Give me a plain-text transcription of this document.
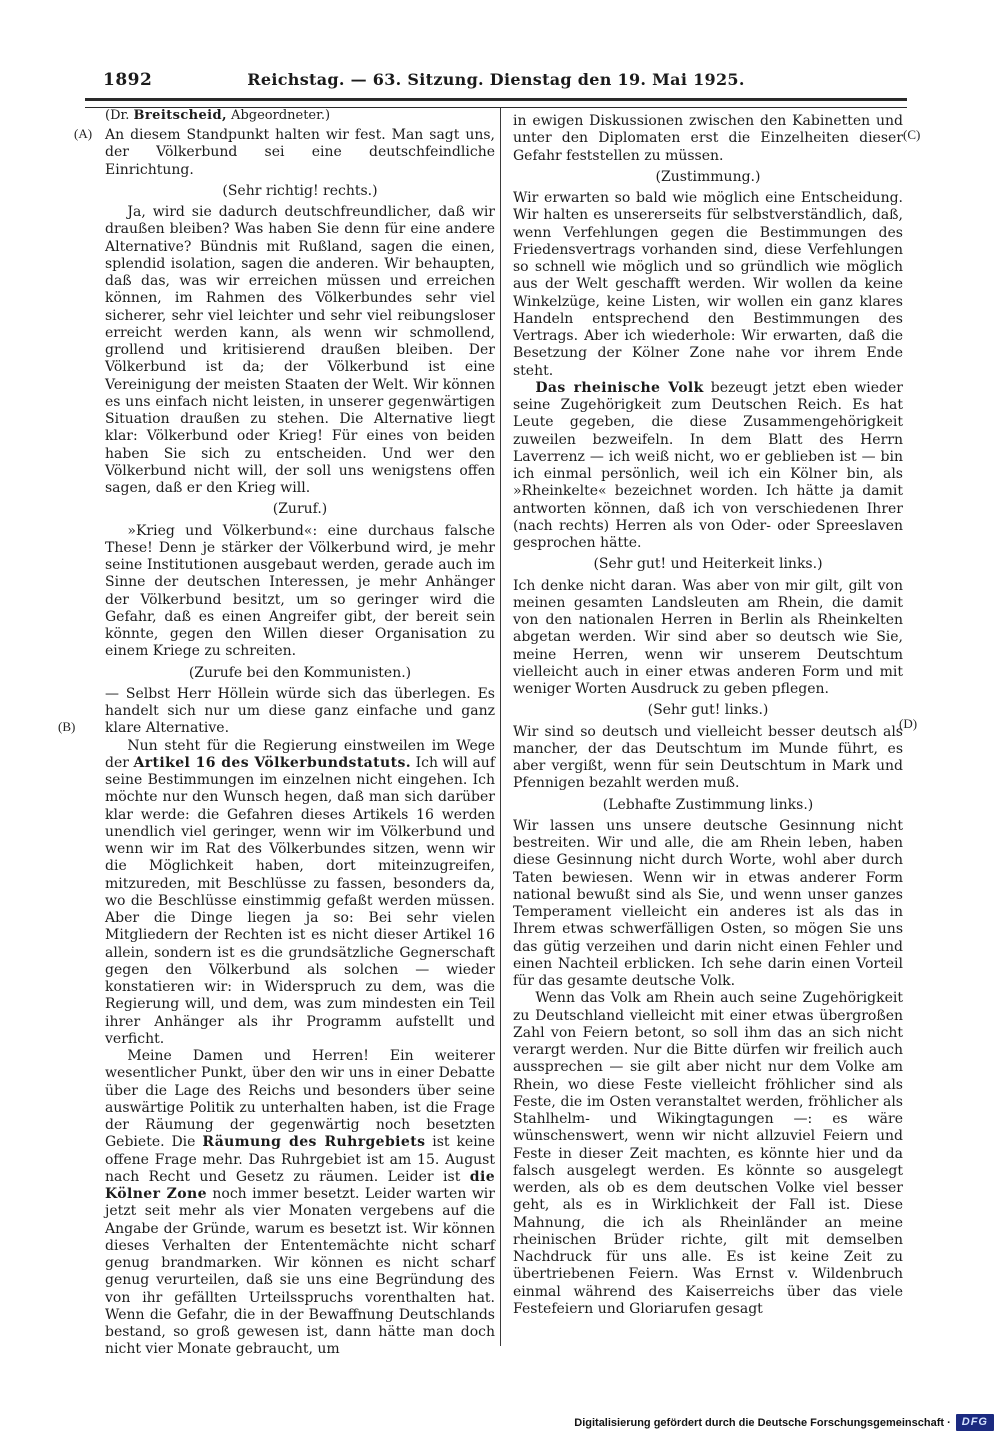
1892	Reichstag. — 63. Sitzung. Dienstag den 19. Mai 1925.
(A)
(B)
(C)
(D)

(Dr. Breitscheid, Abgeordneter.)

An diesem Standpunkt halten wir fest. Man sagt uns, der Völkerbund sei eine deutschfeindliche Einrichtung.

(Sehr richtig! rechts.)

Ja, wird sie dadurch deutschfreundlicher, daß wir draußen bleiben? Was haben Sie denn für eine andere Alternative? Bündnis mit Rußland, sagen die einen, splendid isolation, sagen die anderen. Wir behaupten, daß das, was wir erreichen müssen und erreichen können, im Rahmen des Völkerbundes sehr viel sicherer, sehr viel leichter und sehr viel reibungsloser erreicht werden kann, als wenn wir schmollend, grollend und kritisierend draußen bleiben. Der Völkerbund ist da; der Völkerbund ist eine Vereinigung der meisten Staaten der Welt. Wir können es uns einfach nicht leisten, in unserer gegenwärtigen Situation draußen zu stehen. Die Alternative liegt klar: Völkerbund oder Krieg! Für eines von beiden haben Sie sich zu entscheiden. Und wer den Völkerbund nicht will, der soll uns wenigstens offen sagen, daß er den Krieg will.

(Zuruf.)

»Krieg und Völkerbund«: eine durchaus falsche These! Denn je stärker der Völkerbund wird, je mehr seine Institutionen ausgebaut werden, gerade auch im Sinne der deutschen Interessen, je mehr Anhänger der Völkerbund besitzt, um so geringer wird die Gefahr, daß es einen Angreifer gibt, der bereit sein könnte, gegen den Willen dieser Organisation zu einem Kriege zu schreiten.

(Zurufe bei den Kommunisten.)

— Selbst Herr Höllein würde sich das überlegen. Es handelt sich nur um diese ganz einfache und ganz klare Alternative.

Nun steht für die Regierung einstweilen im Wege der Artikel 16 des Völkerbundstatuts. Ich will auf seine Bestimmungen im einzelnen nicht eingehen. Ich möchte nur den Wunsch hegen, daß man sich darüber klar werde: die Gefahren dieses Artikels 16 werden unendlich viel geringer, wenn wir im Völkerbund und wenn wir im Rat des Völkerbundes sitzen, wenn wir die Möglichkeit haben, dort miteinzugreifen, mitzureden, mit Beschlüsse zu fassen, besonders da, wo die Beschlüsse einstimmig gefaßt werden müssen. Aber die Dinge liegen ja so: Bei sehr vielen Mitgliedern der Rechten ist es nicht dieser Artikel 16 allein, sondern ist es die grundsätzliche Gegnerschaft gegen den Völkerbund als solchen — wieder konstatieren wir: in Widerspruch zu dem, was die Regierung will, und dem, was zum mindesten ein Teil ihrer Anhänger als ihr Programm aufstellt und verficht.

Meine Damen und Herren! Ein weiterer wesentlicher Punkt, über den wir uns in einer Debatte über die Lage des Reichs und besonders über seine auswärtige Politik zu unterhalten haben, ist die Frage der Räumung der gegenwärtig noch besetzten Gebiete. Die Räumung des Ruhrgebiets ist keine offene Frage mehr. Das Ruhrgebiet ist am 15. August nach Recht und Gesetz zu räumen. Leider ist die Kölner Zone noch immer besetzt. Leider warten wir jetzt seit mehr als vier Monaten vergebens auf die Angabe der Gründe, warum es besetzt ist. Wir können dieses Verhalten der Ententemächte nicht scharf genug brandmarken. Wir können es nicht scharf genug verurteilen, daß sie uns eine Begründung des von ihr gefällten Urteilsspruchs vorenthalten hat. Wenn die Gefahr, die in der Bewaffnung Deutschlands bestand, so groß gewesen ist, dann hätte man doch nicht vier Monate gebraucht, um

in ewigen Diskussionen zwischen den Kabinetten und unter den Diplomaten erst die Einzelheiten dieser Gefahr feststellen zu müssen.

(Zustimmung.)

Wir erwarten so bald wie möglich eine Entscheidung. Wir halten es unsererseits für selbstverständlich, daß, wenn Verfehlungen gegen die Bestimmungen des Friedensvertrags vorhanden sind, diese Verfehlungen so schnell wie möglich und so gründlich wie möglich aus der Welt geschafft werden. Wir wollen da keine Winkelzüge, keine Listen, wir wollen ein ganz klares Handeln entsprechend den Bestimmungen des Vertrags. Aber ich wiederhole: Wir erwarten, daß die Besetzung der Kölner Zone nahe vor ihrem Ende steht.

Das rheinische Volk bezeugt jetzt eben wieder seine Zugehörigkeit zum Deutschen Reich. Es hat Leute gegeben, die diese Zusammengehörigkeit zuweilen bezweifeln. In dem Blatt des Herrn Laverrenz — ich weiß nicht, wo er geblieben ist — bin ich einmal persönlich, weil ich ein Kölner bin, als »Rheinkelte« bezeichnet worden. Ich hätte ja damit antworten können, daß ich von verschiedenen Ihrer (nach rechts) Herren als von Oder- oder Spreeslaven gesprochen hätte.

(Sehr gut! und Heiterkeit links.)

Ich denke nicht daran. Was aber von mir gilt, gilt von meinen gesamten Landsleuten am Rhein, die damit von den nationalen Herren in Berlin als Rheinkelten abgetan werden. Wir sind aber so deutsch wie Sie, meine Herren, wenn wir unserem Deutschtum vielleicht auch in einer etwas anderen Form und mit weniger Worten Ausdruck zu geben pflegen.

(Sehr gut! links.)

Wir sind so deutsch und vielleicht besser deutsch als mancher, der das Deutschtum im Munde führt, es aber vergißt, wenn für sein Deutschtum in Mark und Pfennigen bezahlt werden muß.

(Lebhafte Zustimmung links.)

Wir lassen uns unsere deutsche Gesinnung nicht bestreiten. Wir und alle, die am Rhein leben, haben diese Gesinnung nicht durch Worte, wohl aber durch Taten bewiesen. Wenn wir in etwas anderer Form national bewußt sind als Sie, und wenn unser ganzes Temperament vielleicht ein anderes ist als das in Ihrem etwas schwerfälligen Osten, so mögen Sie uns das gütig verzeihen und darin nicht einen Fehler und einen Nachteil erblicken. Ich sehe darin einen Vorteil für das gesamte deutsche Volk.

Wenn das Volk am Rhein auch seine Zugehörigkeit zu Deutschland vielleicht mit einer etwas übergroßen Zahl von Feiern betont, so soll ihm das an sich nicht verargt werden. Nur die Bitte dürfen wir freilich auch aussprechen — sie gilt aber nicht nur dem Volke am Rhein, wo diese Feste vielleicht fröhlicher sind als Feste, die im Osten veranstaltet werden, fröhlicher als Stahlhelm- und Wikingtagungen —: es wäre wünschenswert, wenn wir nicht allzuviel Feiern und Feste in dieser Zeit machten, es könnte hier und da falsch ausgelegt werden. Es könnte so ausgelegt werden, als ob es dem deutschen Volke viel besser geht, als es in Wirklichkeit der Fall ist. Diese Mahnung, die ich als Rheinländer an meine rheinischen Brüder richte, gilt mit demselben Nachdruck für uns alle. Es ist keine Zeit zu übertriebenen Feiern. Was Ernst v. Wildenbruch einmal während des Kaiserreichs über das viele Festefeiern und Gloriarufen gesagt

Digitalisierung gefördert durch die Deutsche Forschungsgemeinschaft ·	DFG
